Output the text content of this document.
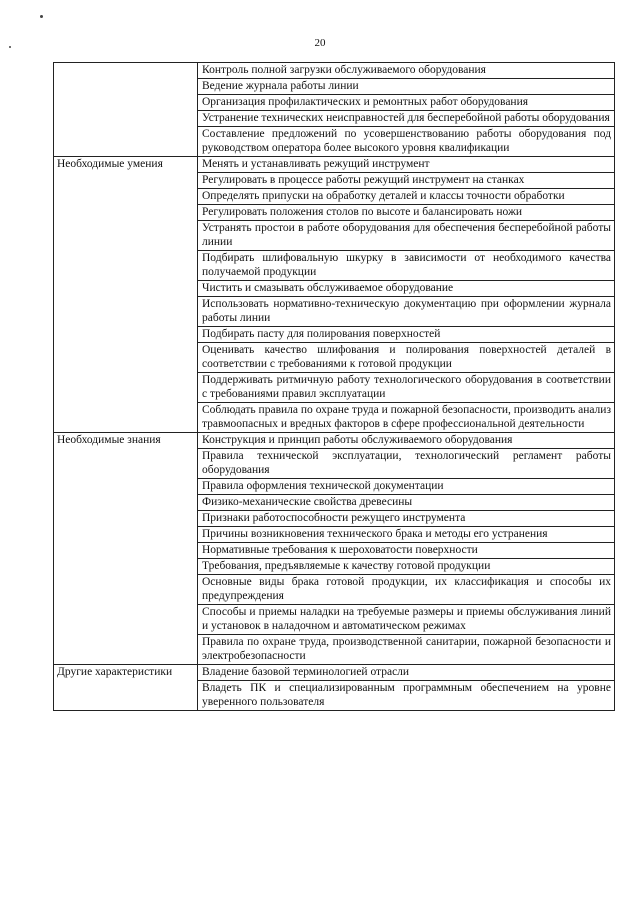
20
	Контроль полной загрузки обслуживаемого оборудования
	Ведение журнала работы линии
	Организация профилактических и ремонтных работ оборудования
	Устранение технических неисправностей для бесперебойной работы оборудования
	Составление предложений по усовершенствованию работы оборудования под руководством оператора более высокого уровня квалификации
Необходимые умения	Менять и устанавливать режущий инструмент
	Регулировать в процессе работы режущий инструмент на станках
	Определять припуски на обработку деталей и классы точности обработки
	Регулировать положения столов по высоте и балансировать ножи
	Устранять простои в работе оборудования для обеспечения бесперебойной работы линии
	Подбирать шлифовальную шкурку в зависимости от необходимого качества получаемой продукции
	Чистить и смазывать обслуживаемое оборудование
	Использовать нормативно-техническую документацию при оформлении журнала работы линии
	Подбирать пасту для полирования поверхностей
	Оценивать качество шлифования и полирования поверхностей деталей в соответствии с требованиями к готовой продукции
	Поддерживать ритмичную работу технологического оборудования в соответствии с требованиями правил эксплуатации
	Соблюдать правила по охране труда и пожарной безопасности, производить анализ травмоопасных и вредных факторов в сфере профессиональной деятельности
Необходимые знания	Конструкция и принцип работы обслуживаемого оборудования
	Правила технической эксплуатации, технологический регламент работы оборудования
	Правила оформления технической документации
	Физико-механические свойства древесины
	Признаки работоспособности режущего инструмента
	Причины возникновения технического брака и методы его устранения
	Нормативные требования к шероховатости поверхности
	Требования, предъявляемые к качеству готовой продукции
	Основные виды брака готовой продукции, их классификация и способы их предупреждения
	Способы и приемы наладки на требуемые размеры и приемы обслуживания линий и установок в наладочном и автоматическом режимах
	Правила по охране труда, производственной санитарии, пожарной безопасности и электробезопасности
Другие характеристики	Владение базовой терминологией отрасли
	Владеть ПК и специализированным программным обеспечением на уровне уверенного пользователя
